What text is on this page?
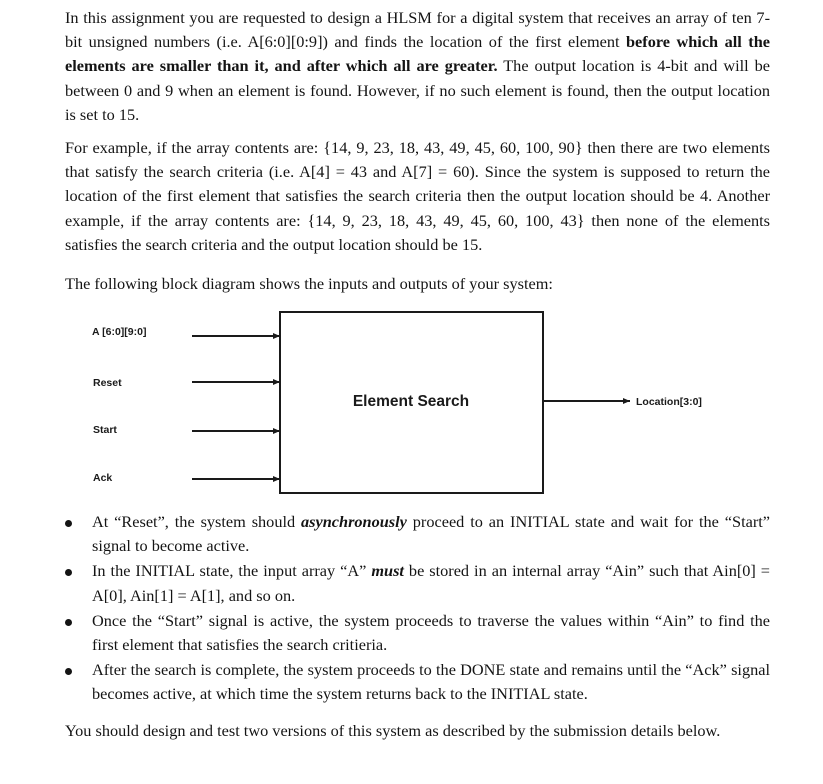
In this assignment you are requested to design a HLSM for a digital system that receives an array of ten 7-bit unsigned numbers (i.e. A[6:0][0:9]) and finds the location of the first element before which all the elements are smaller than it, and after which all are greater. The output location is 4-bit and will be between 0 and 9 when an element is found. However, if no such element is found, then the output location is set to 15.

For example, if the array contents are: {14, 9, 23, 18, 43, 49, 45, 60, 100, 90} then there are two elements that satisfy the search criteria (i.e. A[4] = 43 and A[7] = 60). Since the system is supposed to return the location of the first element that satisfies the search criteria then the output location should be 4. Another example, if the array contents are: {14, 9, 23, 18, 43, 49, 45, 60, 100, 43} then none of the elements satisfies the search criteria and the output location should be 15.

The following block diagram shows the inputs and outputs of your system:

A [6:0][9:0]
Reset
Start
Ack
Element Search	Location[3:0]
At “Reset”, the system should asynchronously proceed to an INITIAL state and wait for the “Start” signal to become active.
In the INITIAL state, the input array “A” must be stored in an internal array “Ain” such that Ain[0] = A[0], Ain[1] = A[1], and so on.
Once the “Start” signal is active, the system proceeds to traverse the values within “Ain” to find the first element that satisfies the search critieria.
After the search is complete, the system proceeds to the DONE state and remains until the “Ack” signal becomes active, at which time the system returns back to the INITIAL state.

You should design and test two versions of this system as described by the submission details below.
